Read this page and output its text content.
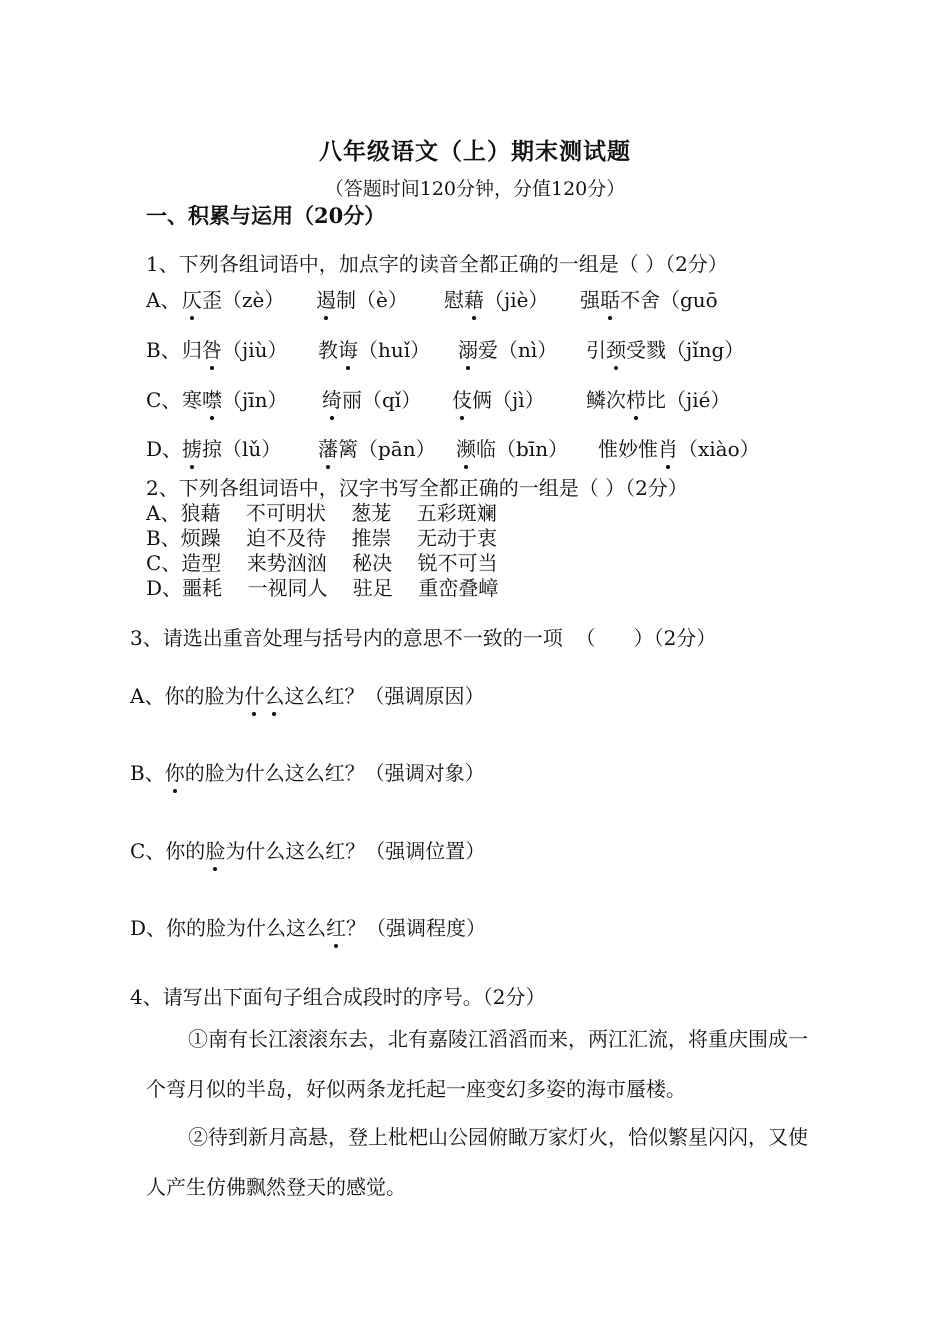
八年级语文（上）期末测试题
（答题时间120分钟，分值120分）
一、积累与运用（20分）
1、下列各组词语中，加点字的读音全都正确的一组是（ ）（2分）
A、 仄歪（zè） 遏制（è） 慰藉（jiè） 强聒不舍（guō
B、 归咎（jiù） 教诲（huǐ） 溺爱（nì） 引颈受戮（jǐng）
C、 寒噤（jīn） 绮丽（qǐ） 伎俩（jì） 鳞次栉比（jié）
D、 掳掠（lǔ） 藩篱（pān） 濒临（bīn） 惟妙惟肖（xiào）
2、下列各组词语中，汉字书写全都正确的一组是（ ）（2分）
A、狼藉    不可明状    葱茏    五彩斑斓
B、烦躁    迫不及待    推崇    无动于衷
C、造型    来势汹汹    秘决    锐不可当
D、噩耗    一视同人    驻足    重峦叠嶂
3、请选出重音处理与括号内的意思不一致的一项  （      ）（2分）
A、你的脸为什么这么红？（强调原因）
B、你的脸为什么这么红？（强调对象）
C、你的脸为什么这么红？（强调位置）
D、你的脸为什么这么红？（强调程度）
4、请写出下面句子组合成段时的序号。（2分）
①南有长江滚滚东去，北有嘉陵江滔滔而来，两江汇流，将重庆围成一个弯月似的半岛，好似两条龙托起一座变幻多姿的海市蜃楼。
②待到新月高悬，登上枇杷山公园俯瞰万家灯火，恰似繁星闪闪，又使人产生仿佛飘然登天的感觉。
